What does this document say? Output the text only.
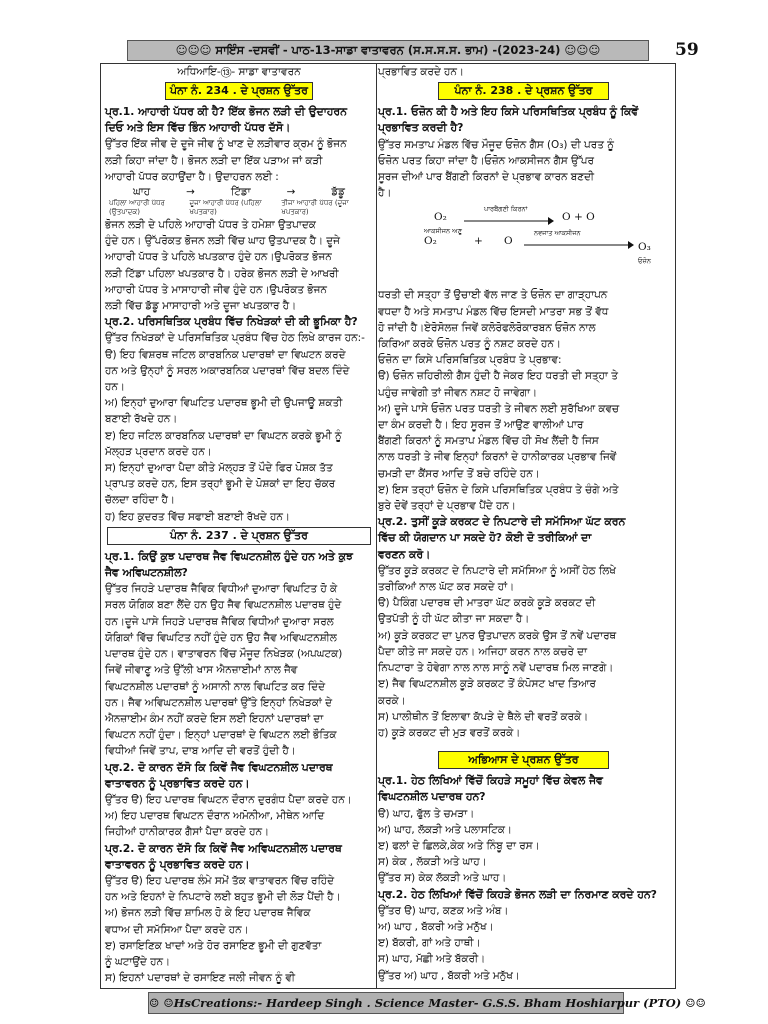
☺☺☺ ਸਾਇੰਸ -ਦਸਵੀਂ - ਪਾਠ-13-ਸਾਡਾ ਵਾਤਾਵਰਨ (ਸ.ਸ.ਸ.ਸ. ਭਾਮ) -(2023-24) ☺☺☺	59
ਅਧਿਆਇ-⑬- ਸਾਡਾ ਵਾਤਾਵਰਨ
ਪੰਨਾ ਨੰ. 234 . ਦੇ ਪ੍ਰਸ਼ਨ ਉੱਤਰ
ਪ੍ਰ.1. ਆਹਾਰੀ ਪੱਧਰ ਕੀ ਹੈ? ਇੱਕ ਭੋਜਨ ਲੜੀ ਦੀ ਉਦਾਹਰਨ
ਦਿਓ ਅਤੇ ਇਸ ਵਿੱਚ ਭਿੰਨ ਆਹਾਰੀ ਪੱਧਰ ਦੱਸੋ।
ਉੱਤਰ ਇੱਕ ਜੀਵ ਦੇ ਦੂਜੇ ਜੀਵ ਨੂੰ ਖਾਣ ਦੇ ਲੜੀਵਾਰ ਕ੍ਰਮ ਨੂੰ ਭੋਜਨ
ਲੜੀ ਕਿਹਾ ਜਾਂਦਾ ਹੈ। ਭੋਜਨ ਲੜੀ ਦਾ ਇੱਕ ਪੜਾਅ ਜਾਂ ਕੜੀ
ਆਹਾਰੀ ਪੱਧਰ ਕਹਾਉਂਦਾ ਹੈ। ਉਦਾਹਰਨ ਲਈ :
ਘਾਹ	→	ਟਿੱਡਾ	→	ਡੱਡੂ
ਪਹਿਲਾ ਆਹਾਰੀ ਪੱਧਰ (ਉਤਪਾਦਕ)
ਦੂਜਾ ਆਹਾਰੀ ਪੱਧਰ (ਪਹਿਲਾ ਖਪਤਕਾਰ)
ਤੀਜਾ ਆਹਾਰੀ ਪੱਧਰ (ਦੂਜਾ ਖਪਤਕਾਰ)
ਭੋਜਨ ਲੜੀ ਦੇ ਪਹਿਲੇ ਆਹਾਰੀ ਪੱਧਰ ਤੇ ਹਮੇਸ਼ਾ ਉਤਪਾਦਕ
ਹੁੰਦੇ ਹਨ। ਉੱਪਰੋਕਤ ਭੋਜਨ ਲੜੀ ਵਿੱਚ ਘਾਹ ਉਤਪਾਦਕ ਹੈ। ਦੂਜੇ
ਆਹਾਰੀ ਪੱਧਰ ਤੇ ਪਹਿਲੇ ਖਪਤਕਾਰ ਹੁੰਦੇ ਹਨ।ਉਪਰੋਕਤ ਭੋਜਨ
ਲੜੀ ਟਿੱਡਾ ਪਹਿਲਾ ਖਪਤਕਾਰ ਹੈ। ਹਰੇਕ ਭੋਜਨ ਲੜੀ ਦੇ ਆਖਰੀ
ਆਹਾਰੀ ਪੱਧਰ ਤੇ ਮਾਸਾਹਾਰੀ ਜੀਵ ਹੁੰਦੇ ਹਨ।ਉਪਰੋਕਤ ਭੋਜਨ
ਲੜੀ ਵਿੱਚ ਡੱਡੂ ਮਾਸਾਹਾਰੀ ਅਤੇ ਦੂਜਾ ਖਪਤਕਾਰ ਹੈ।
ਪ੍ਰ.2. ਪਰਿਸਥਿਤਿਕ ਪ੍ਰਬੰਧ ਵਿੱਚ ਨਿਖੇੜਕਾਂ ਦੀ ਕੀ ਭੂਮਿਕਾ ਹੈ?
ਉੱਤਰ ਨਿਖੇੜਕਾਂ ਦੇ ਪਰਿਸਥਿਤਿਕ ਪ੍ਰਬੰਧ ਵਿੱਚ ਹੇਠ ਲਿਖੇ ਕਾਰਜ ਹਨ:-
ੳ) ਇਹ ਵਿਸ਼ਰਥ ਜਟਿਲ ਕਾਰਬਨਿਕ ਪਦਾਰਥਾਂ ਦਾ ਵਿਘਟਨ ਕਰਦੇ
ਹਨ ਅਤੇ ਉਨ੍ਹਾਂ ਨੂੰ ਸਰਲ ਅਕਾਰਬਨਿਕ ਪਦਾਰਥਾਂ ਵਿੱਚ ਬਦਲ ਦਿੰਦੇ
ਹਨ।
ਅ) ਇਨ੍ਹਾਂ ਦੁਆਰਾ ਵਿਘਟਿਤ ਪਦਾਰਥ ਭੂਮੀ ਦੀ ਉਪਜਾਊ ਸ਼ਕਤੀ
ਬਣਾਈ ਰੱਖਦੇ ਹਨ।
ੲ) ਇਹ ਜਟਿਲ ਕਾਰਬਨਿਕ ਪਦਾਰਥਾਂ ਦਾ ਵਿਘਟਨ ਕਰਕੇ ਭੂਮੀ ਨੂੰ
ਮੱਲ੍ਹੜ ਪ੍ਰਦਾਨ ਕਰਦੇ ਹਨ।
ਸ) ਇਨ੍ਹਾਂ ਦੁਆਰਾ ਪੈਦਾ ਕੀਤੇ ਮੱਲ੍ਹੜ ਤੋਂ ਪੌਦੇ ਫਿਰ ਪੋਸ਼ਕ ਤੱਤ
ਪ੍ਰਾਪਤ ਕਰਦੇ ਹਨ, ਇਸ ਤਰ੍ਹਾਂ ਭੂਮੀ ਦੇ ਪੋਸ਼ਕਾਂ ਦਾ ਇਹ ਚੱਕਰ
ਚੱਲਦਾ ਰਹਿੰਦਾ ਹੈ।
ਹ) ਇਹ ਕੁਦਰਤ ਵਿੱਚ ਸਫਾਈ ਬਣਾਈ ਰੱਖਦੇ ਹਨ।
ਪੰਨਾ ਨੰ. 237 . ਦੇ ਪ੍ਰਸ਼ਨ ਉੱਤਰ
ਪ੍ਰ.1. ਕਿਉਂ ਕੁਝ ਪਦਾਰਥ ਜੈਵ ਵਿਘਟਨਸ਼ੀਲ ਹੁੰਦੇ ਹਨ ਅਤੇ ਕੁਝ
ਜੈਵ ਅਵਿਘਟਨਸ਼ੀਲ?
ਉੱਤਰ ਜਿਹੜੇ ਪਦਾਰਥ ਜੈਵਿਕ ਵਿਧੀਆਂ ਦੁਆਰਾ ਵਿਘਟਿਤ ਹੋ ਕੇ
ਸਰਲ ਯੋਗਿਕ ਬਣਾ ਲੈਂਦੇ ਹਨ ਉਹ ਜੈਵ ਵਿਘਟਨਸ਼ੀਲ ਪਦਾਰਥ ਹੁੰਦੇ
ਹਨ।ਦੂਜੇ ਪਾਸੇ ਜਿਹੜੇ ਪਦਾਰਥ ਜੈਵਿਕ ਵਿਧੀਆਂ ਦੁਆਰਾ ਸਰਲ
ਯੋਗਿਕਾਂ ਵਿੱਚ ਵਿਘਟਿਤ ਨਹੀਂ ਹੁੰਦੇ ਹਨ ਉਹ ਜੈਵ ਅਵਿਘਟਨਸ਼ੀਲ
ਪਦਾਰਥ ਹੁੰਦੇ ਹਨ। ਵਾਤਾਵਰਨ ਵਿੱਚ ਮੌਜੂਦ ਨਿਖੇੜਕ (ਅਪਘਟਕ)
ਜਿਵੇਂ ਜੀਵਾਣੂ ਅਤੇ ਉੱਲੀ ਖਾਸ ਐਨਜ਼ਾਈਮਾਂ ਨਾਲ ਜੈਵ
ਵਿਘਟਨਸ਼ੀਲ ਪਦਾਰਥਾਂ ਨੂੰ ਅਸਾਨੀ ਨਾਲ ਵਿਘਟਿਤ ਕਰ ਦਿੰਦੇ
ਹਨ। ਜੈਵ ਅਵਿਘਟਨਸ਼ੀਲ ਪਦਾਰਥਾਂ ਉੱਤੇ ਇਨ੍ਹਾਂ ਨਿਖੇੜਕਾਂ ਦੇ
ਐਨਜ਼ਾਈਮ ਕੰਮ ਨਹੀਂ ਕਰਦੇ ਇਸ ਲਈ ਇਹਨਾਂ ਪਦਾਰਥਾਂ ਦਾ
ਵਿਘਟਨ ਨਹੀਂ ਹੁੰਦਾ। ਇਨ੍ਹਾਂ ਪਦਾਰਥਾਂ ਦੇ ਵਿਘਟਨ ਲਈ ਭੌਤਿਕ
ਵਿਧੀਆਂ ਜਿਵੇਂ ਤਾਪ, ਦਾਬ ਆਦਿ ਦੀ ਵਰਤੋਂ ਹੁੰਦੀ ਹੈ।
ਪ੍ਰ.2. ਦੋ ਕਾਰਨ ਦੱਸੋ ਕਿ ਕਿਵੇਂ ਜੈਵ ਵਿਘਟਨਸ਼ੀਲ ਪਦਾਰਥ
ਵਾਤਾਵਰਨ ਨੂੰ ਪ੍ਰਭਾਵਿਤ ਕਰਦੇ ਹਨ।
ਉੱਤਰ ੳ) ਇਹ ਪਦਾਰਥ ਵਿਘਟਨ ਦੌਰਾਨ ਦੁਰਗੰਧ ਪੈਦਾ ਕਰਦੇ ਹਨ।
ਅ) ਇਹ ਪਦਾਰਥ ਵਿਘਟਨ ਦੌਰਾਨ ਅਮੋਨੀਆ, ਮੀਥੇਨ ਆਦਿ
ਜਿਹੀਆਂ ਹਾਨੀਕਾਰਕ ਗੈਸਾਂ ਪੈਦਾ ਕਰਦੇ ਹਨ।
ਪ੍ਰ.2. ਦੋ ਕਾਰਨ ਦੱਸੋ ਕਿ ਕਿਵੇਂ ਜੈਵ ਅਵਿਘਟਨਸ਼ੀਲ ਪਦਾਰਥ
ਵਾਤਾਵਰਨ ਨੂੰ ਪ੍ਰਭਾਵਿਤ ਕਰਦੇ ਹਨ।
ਉੱਤਰ ੳ) ਇਹ ਪਦਾਰਥ ਲੰਮੇ ਸਮੇਂ ਤੱਕ ਵਾਤਾਵਰਨ ਵਿੱਚ ਰਹਿੰਦੇ
ਹਨ ਅਤੇ ਇਹਨਾਂ ਦੇ ਨਿਪਟਾਰੇ ਲਈ ਬਹੁਤ ਭੂਮੀ ਦੀ ਲੋੜ ਪੈਂਦੀ ਹੈ।
ਅ) ਭੋਜਨ ਲੜੀ ਵਿੱਚ ਸ਼ਾਮਿਲ ਹੋ ਕੇ ਇਹ ਪਦਾਰਥ ਜੈਵਿਕ
ਵਧਾਅ ਦੀ ਸਮੱਸਿਆ ਪੈਦਾ ਕਰਦੇ ਹਨ।
ੲ) ਰਸਾਇਣਿਕ ਖਾਦਾਂ ਅਤੇ ਹੋਰ ਰਸਾਇਣ ਭੂਮੀ ਦੀ ਗੁਣਵੱਤਾ
ਨੂੰ ਘਟਾਉਂਦੇ ਹਨ।
ਸ) ਇਹਨਾਂ ਪਦਾਰਥਾਂ ਦੇ ਰਸਾਇਣ ਜਲੀ ਜੀਵਨ ਨੂੰ ਵੀ
ਪ੍ਰਭਾਵਿਤ ਕਰਦੇ ਹਨ।
ਪੰਨਾ ਨੰ. 238 . ਦੇ ਪ੍ਰਸ਼ਨ ਉੱਤਰ
ਪ੍ਰ.1. ਓਜ਼ੋਨ ਕੀ ਹੈ ਅਤੇ ਇਹ ਕਿਸੇ ਪਰਿਸਥਿਤਿਕ ਪ੍ਰਬੰਧ ਨੂੰ ਕਿਵੇਂ
ਪ੍ਰਭਾਵਿਤ ਕਰਦੀ ਹੈ?
ਉੱਤਰ ਸਮਤਾਪ ਮੰਡਲ ਵਿੱਚ ਮੌਜੂਦ ਓਜ਼ੋਨ ਗੈਸ (O₃) ਦੀ ਪਰਤ ਨੂੰ
ਓਜ਼ੋਨ ਪਰਤ ਕਿਹਾ ਜਾਂਦਾ ਹੈ।ਓਜ਼ੋਨ ਆਕਸੀਜਨ ਗੈਸ ਉੱਪਰ
ਸੂਰਜ ਦੀਆਂ ਪਾਰ ਬੈਂਗਣੀ ਕਿਰਨਾਂ ਦੇ ਪ੍ਰਭਾਵ ਕਾਰਨ ਬਣਦੀ
ਹੈ।
O₂
ਪਾਰਬੈਂਗਣੀ ਕਿਰਨਾਂ
O + O
ਆਕਸੀਜਨ ਅਣੂ
O₂	+ O
ਨਵਜਾਤ ਆਕਸੀਜਨ
O₃
ਓਜ਼ੋਨ
ਧਰਤੀ ਦੀ ਸਤ੍ਹਾ ਤੋਂ ਉਚਾਈ ਵੱਲ ਜਾਣ ਤੇ ਓਜ਼ੋਨ ਦਾ ਗਾੜ੍ਹਾਪਨ
ਵਧਦਾ ਹੈ ਅਤੇ ਸਮਤਾਪ ਮੰਡਲ ਵਿੱਚ ਇਸਦੀ ਮਾਤਰਾ ਸਭ ਤੋਂ ਵੱਧ
ਹੋ ਜਾਂਦੀ ਹੈ।ਏਰੋਸੋਲਜ਼ ਜਿਵੇਂ ਕਲੋਰੋਫਲੋਰੋਕਾਰਬਨ ਓਜ਼ੋਨ ਨਾਲ
ਕਿਰਿਆ ਕਰਕੇ ਓਜ਼ੋਨ ਪਰਤ ਨੂੰ ਨਸ਼ਟ ਕਰਦੇ ਹਨ।
ਓਜ਼ੋਨ ਦਾ ਕਿਸੇ ਪਰਿਸਥਿਤਿਕ ਪ੍ਰਬੰਧ ਤੇ ਪ੍ਰਭਾਵ:
ੳ) ਓਜ਼ੋਨ ਜ਼ਹਿਰੀਲੀ ਗੈਸ ਹੁੰਦੀ ਹੈ ਜੇਕਰ ਇਹ ਧਰਤੀ ਦੀ ਸਤ੍ਹਾ ਤੇ
ਪਹੁੰਚ ਜਾਵੇਗੀ ਤਾਂ ਜੀਵਨ ਨਸ਼ਟ ਹੋ ਜਾਵੇਗਾ।
ਅ) ਦੂਜੇ ਪਾਸੇ ਓਜ਼ੋਨ ਪਰਤ ਧਰਤੀ ਤੇ ਜੀਵਨ ਲਈ ਸੁਰੱਖਿਆ ਕਵਚ
ਦਾ ਕੰਮ ਕਰਦੀ ਹੈ। ਇਹ ਸੂਰਜ ਤੋਂ ਆਉਣ ਵਾਲੀਆਂ ਪਾਰ
ਬੈਂਗਣੀ ਕਿਰਨਾਂ ਨੂੰ ਸਮਤਾਪ ਮੰਡਲ ਵਿੱਚ ਹੀ ਸੋਖ ਲੈਂਦੀ ਹੈ ਜਿਸ
ਨਾਲ ਧਰਤੀ ਤੇ ਜੀਵ ਇਨ੍ਹਾਂ ਕਿਰਨਾਂ ਦੇ ਹਾਨੀਕਾਰਕ ਪ੍ਰਭਾਵ ਜਿਵੇਂ
ਚਮੜੀ ਦਾ ਕੈਂਸਰ ਆਦਿ ਤੋਂ ਬਚੇ ਰਹਿੰਦੇ ਹਨ।
ੲ) ਇਸ ਤਰ੍ਹਾਂ ਓਜ਼ੋਨ ਦੇ ਕਿਸੇ ਪਰਿਸਥਿਤਿਕ ਪ੍ਰਬੰਧ ਤੇ ਚੰਗੇ ਅਤੇ
ਬੁਰੇ ਦੋਵੇਂ ਤਰ੍ਹਾਂ ਦੇ ਪ੍ਰਭਾਵ ਪੈਂਦੇ ਹਨ।
ਪ੍ਰ.2. ਤੁਸੀਂ ਕੂੜੇ ਕਰਕਟ ਦੇ ਨਿਪਟਾਰੇ ਦੀ ਸਮੱਸਿਆ ਘੱਟ ਕਰਨ
ਵਿੱਚ ਕੀ ਯੋਗਦਾਨ ਪਾ ਸਕਦੇ ਹੋ? ਕੋਈ ਦੋ ਤਰੀਕਿਆਂ ਦਾ
ਵਰਣਨ ਕਰੋ।
ਉੱਤਰ ਕੂੜੇ ਕਰਕਟ ਦੇ ਨਿਪਟਾਰੇ ਦੀ ਸਮੱਸਿਆ ਨੂੰ ਅਸੀਂ ਹੇਠ ਲਿਖੇ
ਤਰੀਕਿਆਂ ਨਾਲ ਘੱਟ ਕਰ ਸਕਦੇ ਹਾਂ।
ੳ) ਪੈਕਿੰਗ ਪਦਾਰਥ ਦੀ ਮਾਤਰਾ ਘੱਟ ਕਰਕੇ ਕੂੜੇ ਕਰਕਟ ਦੀ
ਉਤਪੱਤੀ ਨੂੰ ਹੀ ਘੱਟ ਕੀਤਾ ਜਾ ਸਕਦਾ ਹੈ।
ਅ) ਕੂੜੇ ਕਰਕਟ ਦਾ ਪੁਨਰ ਉਤਪਾਦਨ ਕਰਕੇ ਉਸ ਤੋਂ ਨਵੇਂ ਪਦਾਰਥ
ਪੈਦਾ ਕੀਤੇ ਜਾ ਸਕਦੇ ਹਨ। ਅਜਿਹਾ ਕਰਨ ਨਾਲ ਕਚਰੇ ਦਾ
ਨਿਪਟਾਰਾ ਤੇ ਹੋਵੇਗਾ ਨਾਲ ਨਾਲ ਸਾਨੂੰ ਨਵੇਂ ਪਦਾਰਥ ਮਿਲ ਜਾਣਗੇ।
ੲ) ਜੈਵ ਵਿਘਟਨਸ਼ੀਲ ਕੂੜੇ ਕਰਕਟ ਤੋਂ ਕੰਪੋਸਟ ਖਾਦ ਤਿਆਰ
ਕਰਕੇ।
ਸ) ਪਾਲੀਥੀਨ ਤੋਂ ਇਲਾਵਾ ਕੱਪੜੇ ਦੇ ਥੈਲੇ ਦੀ ਵਰਤੋਂ ਕਰਕੇ।
ਹ) ਕੂੜੇ ਕਰਕਟ ਦੀ ਮੁੜ ਵਰਤੋਂ ਕਰਕੇ।
ਅਭਿਆਸ ਦੇ ਪ੍ਰਸ਼ਨ ਉੱਤਰ
ਪ੍ਰ.1. ਹੇਠ ਲਿਖਿਆਂ ਵਿੱਚੋਂ ਕਿਹੜੇ ਸਮੂਹਾਂ ਵਿੱਚ ਕੇਵਲ ਜੈਵ
ਵਿਘਟਨਸ਼ੀਲ ਪਦਾਰਥ ਹਨ?
ੳ) ਘਾਹ, ਫੁੱਲ ਤੇ ਚਮੜਾ।
ਅ) ਘਾਹ, ਲੱਕੜੀ ਅਤੇ ਪਲਾਸਟਿਕ।
ੲ) ਫਲਾਂ ਦੇ ਛਿਲਕੇ,ਕੇਕ ਅਤੇ ਨਿੰਬੂ ਦਾ ਰਸ।
ਸ) ਕੇਕ , ਲੱਕੜੀ ਅਤੇ ਘਾਹ।
ਉੱਤਰ ਸ) ਕੇਕ ਲੱਕੜੀ ਅਤੇ ਘਾਹ।
ਪ੍ਰ.2. ਹੇਠ ਲਿਖਿਆਂ ਵਿੱਚੋਂ ਕਿਹੜੇ ਭੋਜਨ ਲੜੀ ਦਾ ਨਿਰਮਾਣ ਕਰਦੇ ਹਨ?
ਉੱਤਰ ੳ) ਘਾਹ, ਕਣਕ ਅਤੇ ਅੰਬ।
ਅ) ਘਾਹ , ਬੱਕਰੀ ਅਤੇ ਮਨੁੱਖ।
ੲ) ਬੱਕਰੀ, ਗਾਂ ਅਤੇ ਹਾਥੀ।
ਸ) ਘਾਹ, ਮੱਛੀ ਅਤੇ ਬੱਕਰੀ।
ਉੱਤਰ ਅ) ਘਾਹ , ਬੱਕਰੀ ਅਤੇ ਮਨੁੱਖ।
☺ ☺HsCreations:- Hardeep Singh . Science Master- G.S.S. Bham Hoshiarpur (PTO) ☺☺
